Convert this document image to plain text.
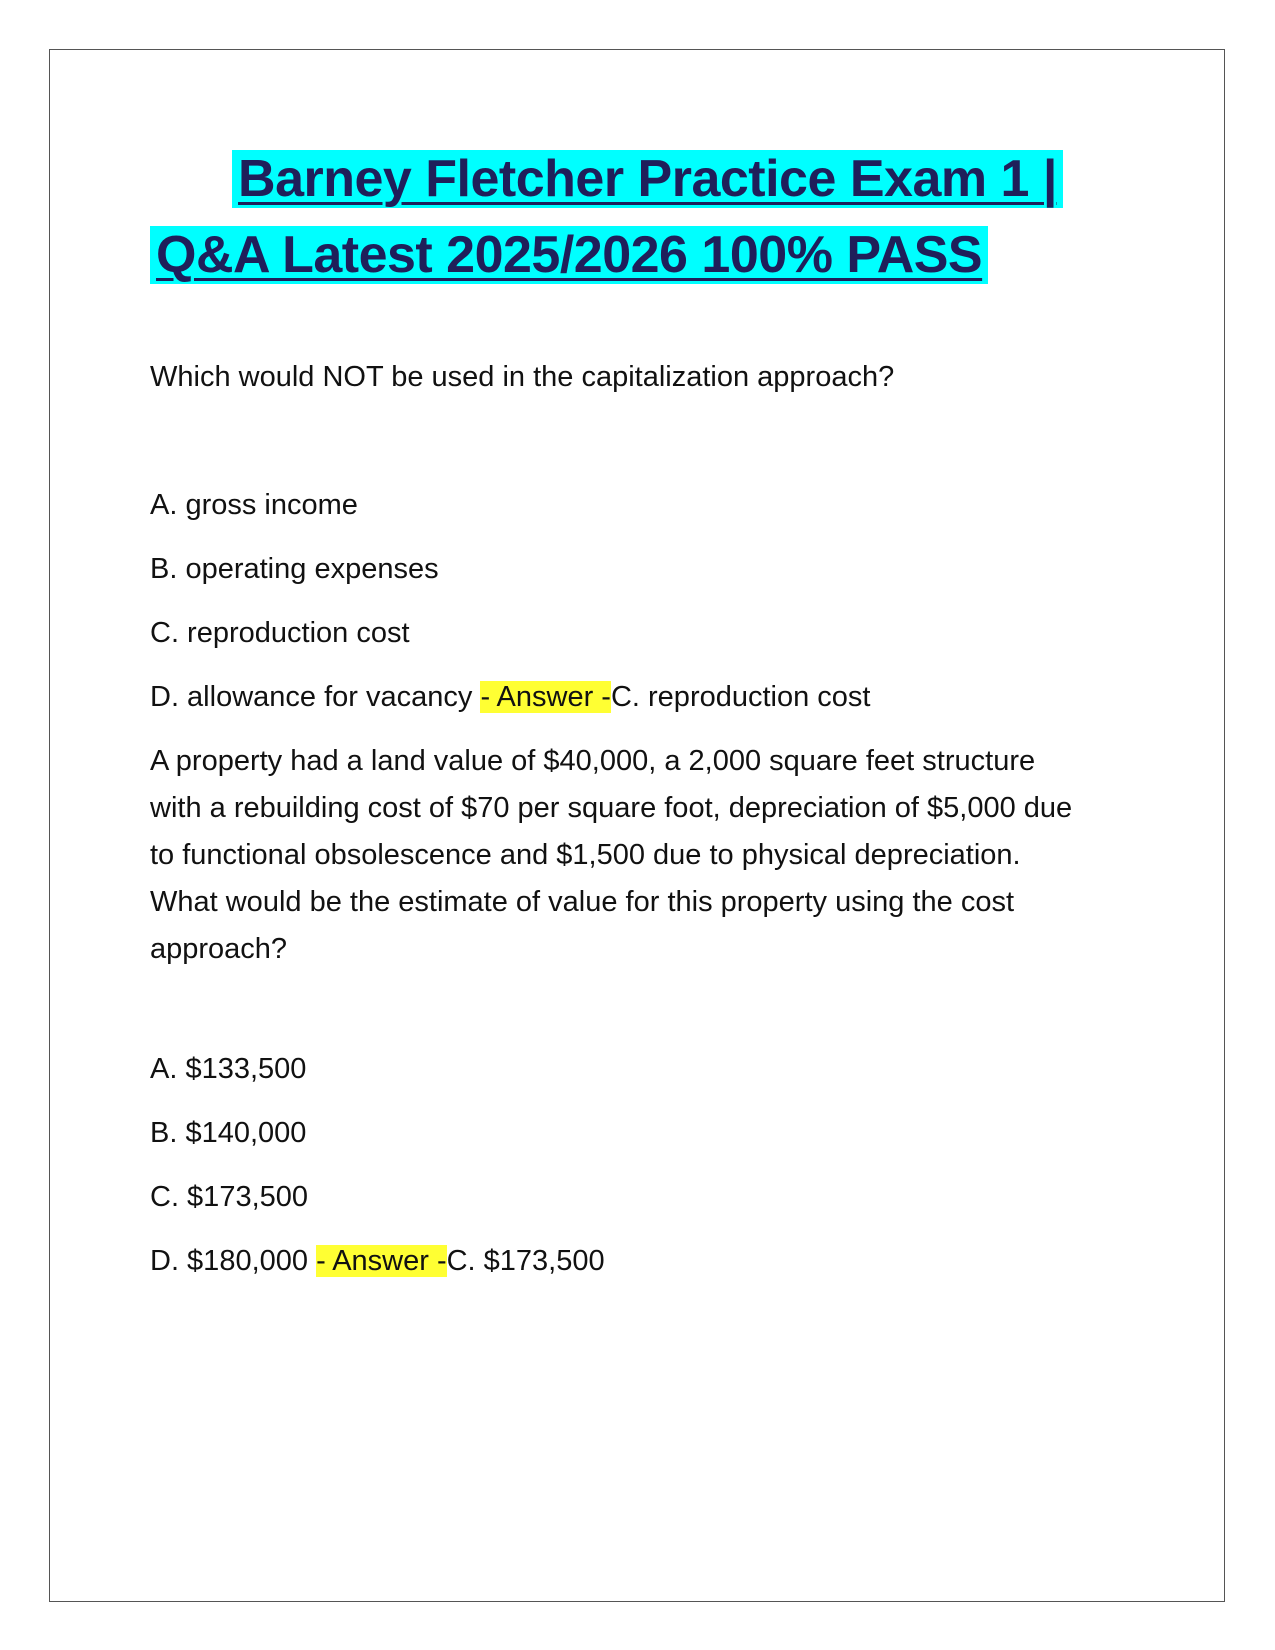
Barney Fletcher Practice Exam 1 |
Q&A Latest 2025/2026 100% PASS
Which would NOT be used in the capitalization approach?
A. gross income
B. operating expenses
C. reproduction cost
D. allowance for vacancy - Answer -C. reproduction cost
A property had a land value of $40,000, a 2,000 square feet structure with a rebuilding cost of $70 per square foot, depreciation of $5,000 due to functional obsolescence and $1,500 due to physical depreciation. What would be the estimate of value for this property using the cost approach?
A. $133,500
B. $140,000
C. $173,500
D. $180,000 - Answer -C. $173,500
